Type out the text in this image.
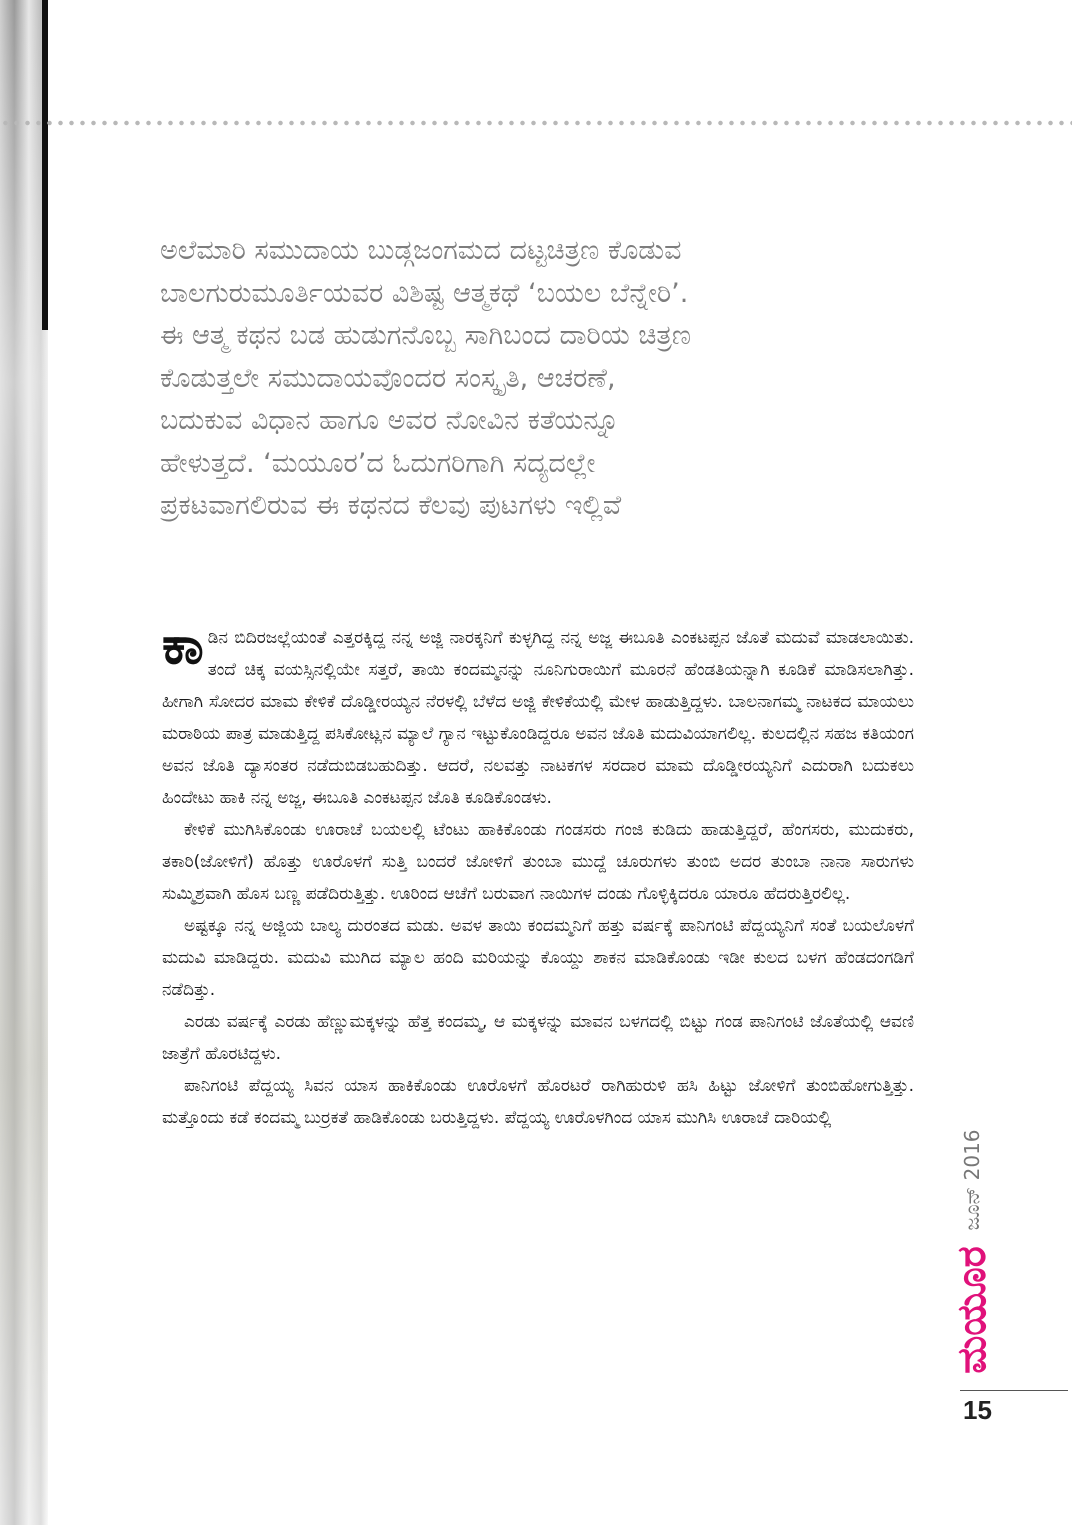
ಅಲೆಮಾರಿ ಸಮುದಾಯ ಬುಡ್ಗಜಂಗಮದ ದಟ್ಟಚಿತ್ರಣ ಕೊಡುವ
ಬಾಲಗುರುಮೂರ್ತಿಯವರ ವಿಶಿಷ್ಟ ಆತ್ಮಕಥೆ ‘ಬಯಲ ಬೆನ್ನೇರಿ’.
ಈ ಆತ್ಮ ಕಥನ ಬಡ ಹುಡುಗನೊಬ್ಬ ಸಾಗಿಬಂದ ದಾರಿಯ ಚಿತ್ರಣ
ಕೊಡುತ್ತಲೇ ಸಮುದಾಯವೊಂದರ ಸಂಸ್ಕೃತಿ, ಆಚರಣೆ,
ಬದುಕುವ ವಿಧಾನ ಹಾಗೂ ಅವರ ನೋವಿನ ಕತೆಯನ್ನೂ
ಹೇಳುತ್ತದೆ. ‘ಮಯೂರ’ದ ಓದುಗರಿಗಾಗಿ ಸದ್ಯದಲ್ಲೇ
ಪ್ರಕಟವಾಗಲಿರುವ ಈ ಕಥನದ ಕೆಲವು ಪುಟಗಳು ಇಲ್ಲಿವೆ

ಕಾಡಿನ ಬಿದಿರಜಲ್ಲೆಯಂತೆ ಎತ್ತರಕ್ಕಿದ್ದ ನನ್ನ ಅಜ್ಜಿ ನಾರಕ್ಕನಿಗೆ ಕುಳ್ಳಗಿದ್ದ ನನ್ನ ಅಜ್ಜ ಈಬೂತಿ ಎಂಕಟಪ್ಪನ ಜೊತೆ ಮದುವೆ ಮಾಡಲಾಯಿತು. ತಂದೆ ಚಿಕ್ಕ ವಯಸ್ಸಿನಲ್ಲಿಯೇ ಸತ್ತರೆ, ತಾಯಿ ಕಂದಮ್ಮನನ್ನು ನೂನಿಗುರಾಯಿಗೆ ಮೂರನೆ ಹೆಂಡತಿಯನ್ನಾಗಿ ಕೂಡಿಕೆ ಮಾಡಿಸಲಾಗಿತ್ತು. ಹೀಗಾಗಿ ಸೋದರ ಮಾಮ ಕೇಳಿಕೆ ದೊಡ್ಡೀರಯ್ಯನ ನೆರಳಲ್ಲಿ ಬೆಳೆದ ಅಜ್ಜಿ ಕೇಳಿಕೆಯಲ್ಲಿ ಮೇಳ ಹಾಡುತ್ತಿದ್ದಳು. ಬಾಲನಾಗಮ್ಮ ನಾಟಕದ ಮಾಯಲು ಮರಾಠಿಯ ಪಾತ್ರ ಮಾಡುತ್ತಿದ್ದ ಪಸಿಕೋಟ್ಲನ ಮ್ಯಾಲೆ ಗ್ಯಾನ ಇಟ್ಟುಕೊಂಡಿದ್ದರೂ ಅವನ ಜೊತಿ ಮದುವಿಯಾಗಲಿಲ್ಲ. ಕುಲದಲ್ಲಿನ ಸಹಜ ಕತಿಯಂಗ ಅವನ ಜೊತಿ ದ್ಯಾಸಂತರ ನಡೆದುಬಿಡಬಹುದಿತ್ತು. ಆದರೆ, ನಲವತ್ತು ನಾಟಕಗಳ ಸರದಾರ ಮಾಮ ದೊಡ್ಡೀರಯ್ಯನಿಗೆ ಎದುರಾಗಿ ಬದುಕಲು ಹಿಂದೇಟು ಹಾಕಿ ನನ್ನ ಅಜ್ಜ, ಈಬೂತಿ ಎಂಕಟಪ್ಪನ ಜೊತಿ ಕೂಡಿಕೊಂಡಳು.

ಕೇಳಿಕೆ ಮುಗಿಸಿಕೊಂಡು ಊರಾಚೆ ಬಯಲಲ್ಲಿ ಟೆಂಟು ಹಾಕಿಕೊಂಡು ಗಂಡಸರು ಗಂಜಿ ಕುಡಿದು ಹಾಡುತ್ತಿದ್ದರೆ, ಹೆಂಗಸರು, ಮುದುಕರು, ತಕಾರಿ(ಜೋಳಿಗೆ) ಹೊತ್ತು ಊರೊಳಗೆ ಸುತ್ತಿ ಬಂದರೆ ಜೋಳಿಗೆ ತುಂಬಾ ಮುದ್ದೆ ಚೂರುಗಳು ತುಂಬಿ ಅದರ ತುಂಬಾ ನಾನಾ ಸಾರುಗಳು ಸುಮ್ಮಿಶ್ರವಾಗಿ ಹೊಸ ಬಣ್ಣ ಪಡೆದಿರುತ್ತಿತ್ತು. ಊರಿಂದ ಆಚೆಗೆ ಬರುವಾಗ ನಾಯಿಗಳ ದಂಡು ಗೊಳ್ಳಿಕ್ಕಿದರೂ ಯಾರೂ ಹೆದರುತ್ತಿರಲಿಲ್ಲ.

ಅಷ್ಟಕ್ಕೂ ನನ್ನ ಅಜ್ಜಿಯ ಬಾಲ್ಯ ದುರಂತದ ಮಡು. ಅವಳ ತಾಯಿ ಕಂದಮ್ಮನಿಗೆ ಹತ್ತು ವರ್ಷಕ್ಕೆ ಪಾನಿಗಂಟಿ ಪೆದ್ದಯ್ಯನಿಗೆ ಸಂತೆ ಬಯಲೊಳಗೆ ಮದುವಿ ಮಾಡಿದ್ದರು. ಮದುವಿ ಮುಗಿದ ಮ್ಯಾಲ ಹಂದಿ ಮರಿಯನ್ನು ಕೊಯ್ದು ಶಾಕನ ಮಾಡಿಕೊಂಡು ಇಡೀ ಕುಲದ ಬಳಗ ಹೆಂಡದಂಗಡಿಗೆ ನಡೆದಿತ್ತು.

ಎರಡು ವರ್ಷಕ್ಕೆ ಎರಡು ಹೆಣ್ಣುಮಕ್ಕಳನ್ನು ಹೆತ್ತ ಕಂದಮ್ಮ, ಆ ಮಕ್ಕಳನ್ನು ಮಾವನ ಬಳಗದಲ್ಲಿ ಬಿಟ್ಟು ಗಂಡ ಪಾನಿಗಂಟಿ ಜೊತೆಯಲ್ಲಿ ಆವಣಿ ಜಾತ್ರೆಗೆ ಹೊರಟಿದ್ದಳು.

ಪಾನಿಗಂಟಿ ಪೆದ್ದಯ್ಯ ಸಿವನ ಯಾಸ ಹಾಕಿಕೊಂಡು ಊರೊಳಗೆ ಹೊರಟರೆ ರಾಗಿಹುರುಳಿ ಹಸಿ ಹಿಟ್ಟು ಜೋಳಿಗೆ ತುಂಬಿಹೋಗುತ್ತಿತ್ತು. ಮತ್ತೊಂದು ಕಡೆ ಕಂದಮ್ಮ ಬುರ್ರಕತೆ ಹಾಡಿಕೊಂಡು ಬರುತ್ತಿದ್ದಳು. ಪೆದ್ದಯ್ಯ ಊರೊಳಗಿಂದ ಯಾಸ ಮುಗಿಸಿ ಊರಾಚೆ ದಾರಿಯಲ್ಲಿ

ಜೂನ್ 2016
ಮಯೂರ
15
